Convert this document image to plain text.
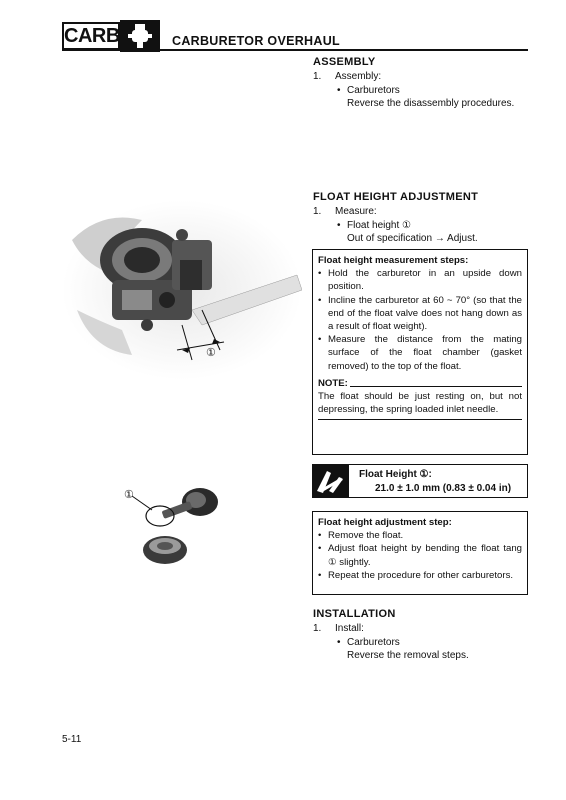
CARB	CARBURETOR OVERHAUL
ASSEMBLY
1. Assembly:
• Carburetors
Reverse the disassembly procedures.
FLOAT HEIGHT ADJUSTMENT
1. Measure:
• Float height ①
Out of specification → Adjust.
Float height measurement steps:
• Hold the carburetor in an upside down position.
• Incline the carburetor at 60 ~ 70° (so that the end of the float valve does not hang down as a result of float weight).
• Measure the distance from the mating surface of the float chamber (gasket removed) to the top of the float.
NOTE:
The float should be just resting on, but not depressing, the spring loaded inlet needle.
Float Height ①:
21.0 ± 1.0 mm (0.83 ± 0.04 in)
Float height adjustment step:
• Remove the float.
• Adjust float height by bending the float tang ① slightly.
• Repeat the procedure for other carburetors.
INSTALLATION
1. Install:
• Carburetors
Reverse the removal steps.
①
①
5-11
